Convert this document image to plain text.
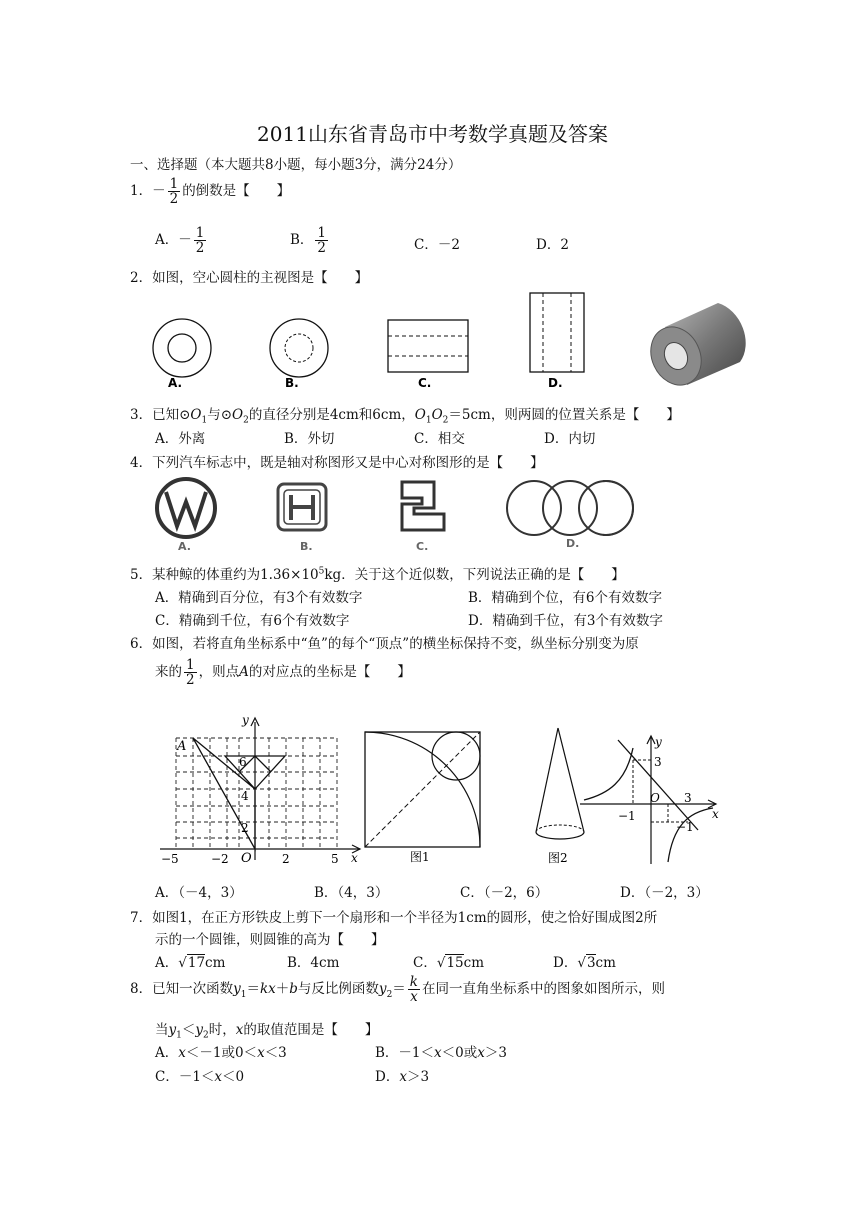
2011山东省青岛市中考数学真题及答案
一、选择题（本大题共8小题，每小题3分，满分24分）
1．－ $\frac{1}{2}$ 的倒数是【　　】
A．－ $\frac{1}{2}$	B． $\frac{1}{2}$	C．－2	D．2
2．如图，空心圆柱的主视图是【　　】
A.	B.	C.	D.
3．已知$⊙O_1$与$⊙O_2$的直径分别是4cm和6cm，$O_1O_2=5cm$，则两圆的位置关系是【　　】
A．外离	B．外切	C．相交	D．内切
4．下列汽车标志中，既是轴对称图形又是中心对称图形的是【　　】
A.	B.	C.	D.
5．某种鲸的体重约为$1.36\times 10^5kg$．关于这个近似数，下列说法正确的是【　　】
A．精确到百分位，有3个有效数字	B．精确到个位，有6个有效数字
C．精确到千位，有6个有效数字	D．精确到千位，有3个有效数字
6．如图，若将直角坐标系中“鱼”的每个“顶点”的横坐标保持不变，纵坐标分别变为原
来的 $\frac{1}{2}$ ，则点A的对应点的坐标是【　　】
y
x
A
O
−5	−2	2	5
6
4
2
图1	图2
y
x
O
3
3
−1
−1
A．（－4，3）	B．（4，3）	C．（－2，6）	D．（－2，3）
7．如图1，在正方形铁皮上剪下一个扇形和一个半径为1cm的圆形，使之恰好围成图2所
示的一个圆锥，则圆锥的高为【　　】
A．√17cm	B．4cm	C．√15cm	D．√3cm
8．已知一次函数$y_1=kx+b$与反比例函数$y_2= \frac{k}{x}$ 在同一直角坐标系中的图象如图所示，则
当$y_1<y_2$时，x的取值范围是【　　】
A．x＜－1或0＜x＜3	B．－1＜x＜0或x＞3
C．－1＜x＜0	D．x＞3
